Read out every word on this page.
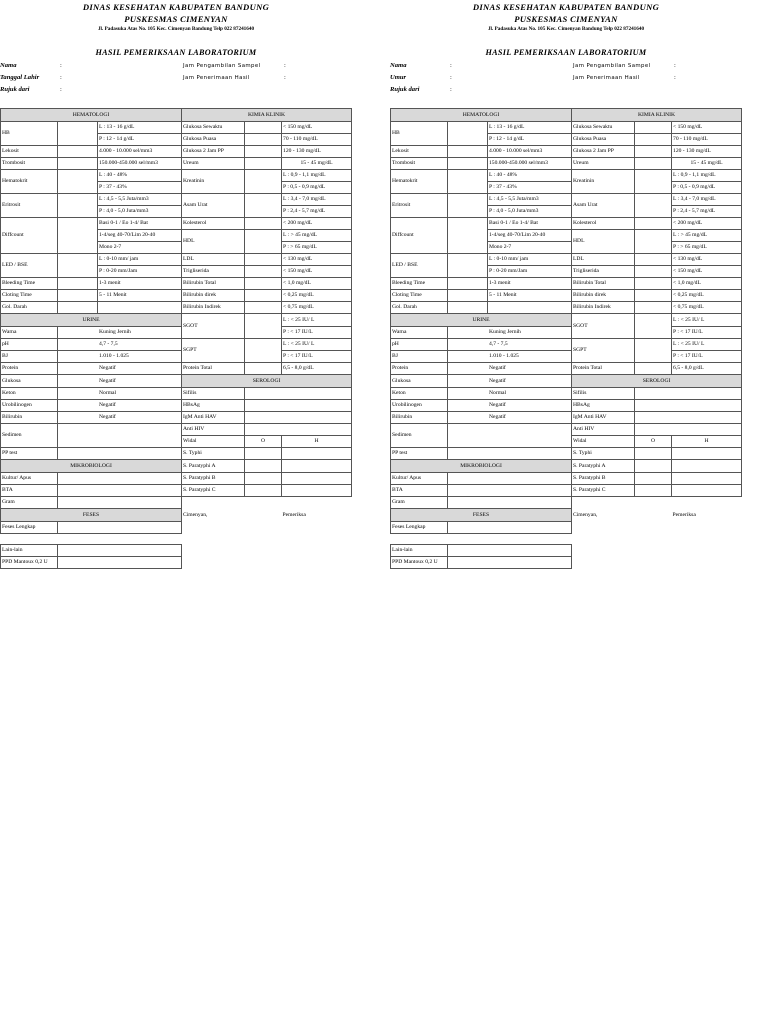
DINAS KESEHATAN KABUPATEN BANDUNG
PUSKESMAS CIMENYAN
Jl. Padasuka Atas No. 105 Kec. Cimenyan Bandung Telp 022 87241640
HASIL PEMERIKSAAN LABORATORIUM
Nama	:
Tanggal Lahir	:
Rujuk dari	:
Jam Pengambilan Sampel	:
Jam Penerimaan Hasil	:
HEMATOLOGI			KIMIA KLINIK		
HB		L : 13 - 16 g/dL	Glukosa Sewaktu		< 150 mg/dL
		P : 12 - 14 g/dL	Glukosa Puasa		70 - 110 mg/dL
Lekosit		4.000 - 10.000 sel/mm3	Glukosa 2 Jam PP		120 - 130 mg/dL
Trombosit		150.000-450.000 sel/mm3	Ureum		15 - 45 mg/dL
Hematokrit		L : 40 - 48%	Kreatinin		L : 0,9 - 1,1 mg/dL
		P : 37 - 43%			P : 0,5 - 0,9 mg/dL
Eritrosit		L : 4,5 - 5,5 Juta/mm3	Asam Urat		L : 3,4 - 7,0 mg/dL
		P : 4,0 - 5,0 Juta/mm3			P : 2,4 - 5,7 mg/dL
Diffcount		Basi 0-1 / Eo 1-4/ Bat	Kolesterol		< 200 mg/dL
		1-4/seg 40-70/Lim 20-40	HDL		L : > 45 mg/dL
		Mono 2-7			P : > 65 mg/dL
LED / BSE		L : 0-10 mm/ jam	LDL		< 130 mg/dL
		P : 0-20 mm/Jam	Trigliserida		< 150 mg/dL
Bleeding Time		1-3 menit	Bilirubin Total		< 1,0 mg/dL
Cloting Time		5 - 11 Menit	Bilirubin direk		< 0,25 mg/dL
Gol. Darah			Bilirubin Indirek		< 0,75 mg/dL
URINE			SGOT		L : < 25 IU/ L
Warna	Kuning Jernih				P : < 17 IU/L
pH	4,7 - 7,5		SGPT		L : < 25 IU/ L
BJ	1.010 - 1.025				P : < 17 IU/L
Protein	Negatif		Protein Total		6,5 - 8,0 g/dL
Glukosa	Negatif		SEROLOGI		
Keton	Normal		Sifilis		
Urobilinogen	Negatif		HBsAg		
Bilirubin	Negatif		IgM Anti HAV		
Sedimen			Anti HIV		
			Widal	O	H
PP test			S. Typhi		
MIKROBIOLOGI			S. Paratyphi A		
Kultur/ Apus			S. Paratyphi B		
BTA			S. Paratyphi C		
Gram					
FESES			Cimenyan,		Pemeriksa
Feses Lengkap					
Lain-lain	
PPD Mantoux 0,2 U	
DINAS KESEHATAN KABUPATEN BANDUNG
PUSKESMAS CIMENYAN
Jl. Padasuka Atas No. 105 Kec. Cimenyan Bandung Telp 022 87241640
HASIL PEMERIKSAAN LABORATORIUM
Nama	:
Umur	:
Rujuk dari	:
Jam Pengambilan Sampel	:
Jam Penerimaan Hasil	:
HEMATOLOGI			KIMIA KLINIK		
HB		L : 13 - 16 g/dL	Glukosa Sewaktu		< 150 mg/dL
		P : 12 - 14 g/dL	Glukosa Puasa		70 - 110 mg/dL
Lekosit		4.000 - 10.000 sel/mm3	Glukosa 2 Jam PP		120 - 130 mg/dL
Trombosit		150.000-450.000 sel/mm3	Ureum		15 - 45 mg/dL
Hematokrit		L : 40 - 48%	Kreatinin		L : 0,9 - 1,1 mg/dL
		P : 37 - 43%			P : 0,5 - 0,9 mg/dL
Eritrosit		L : 4,5 - 5,5 Juta/mm3	Asam Urat		L : 3,4 - 7,0 mg/dL
		P : 4,0 - 5,0 Juta/mm3			P : 2,4 - 5,7 mg/dL
Diffcount		Basi 0-1 / Eo 1-4/ Bat	Kolesterol		< 200 mg/dL
		1-4/seg 40-70/Lim 20-40	HDL		L : > 45 mg/dL
		Mono 2-7			P : > 65 mg/dL
LED / BSE		L : 0-10 mm/ jam	LDL		< 130 mg/dL
		P : 0-20 mm/Jam	Trigliserida		< 150 mg/dL
Bleeding Time		1-3 menit	Bilirubin Total		< 1,0 mg/dL
Cloting Time		5 - 11 Menit	Bilirubin direk		< 0,25 mg/dL
Gol. Darah			Bilirubin Indirek		< 0,75 mg/dL
URINE			SGOT		L : < 25 IU/ L
Warna	Kuning Jernih				P : < 17 IU/L
pH	4,7 - 7,5		SGPT		L : < 25 IU/ L
BJ	1.010 - 1.025				P : < 17 IU/L
Protein	Negatif		Protein Total		6,5 - 8,0 g/dL
Glukosa	Negatif		SEROLOGI		
Keton	Normal		Sifilis		
Urobilinogen	Negatif		HBsAg		
Bilirubin	Negatif		IgM Anti HAV		
Sedimen			Anti HIV		
			Widal	O	H
PP test			S. Typhi		
MIKROBIOLOGI			S. Paratyphi A		
Kultur/ Apus			S. Paratyphi B		
BTA			S. Paratyphi C		
Gram					
FESES			Cimenyan,		Pemeriksa
Feses Lengkap					
Lain-lain	
PPD Mantoux 0,2 U	
